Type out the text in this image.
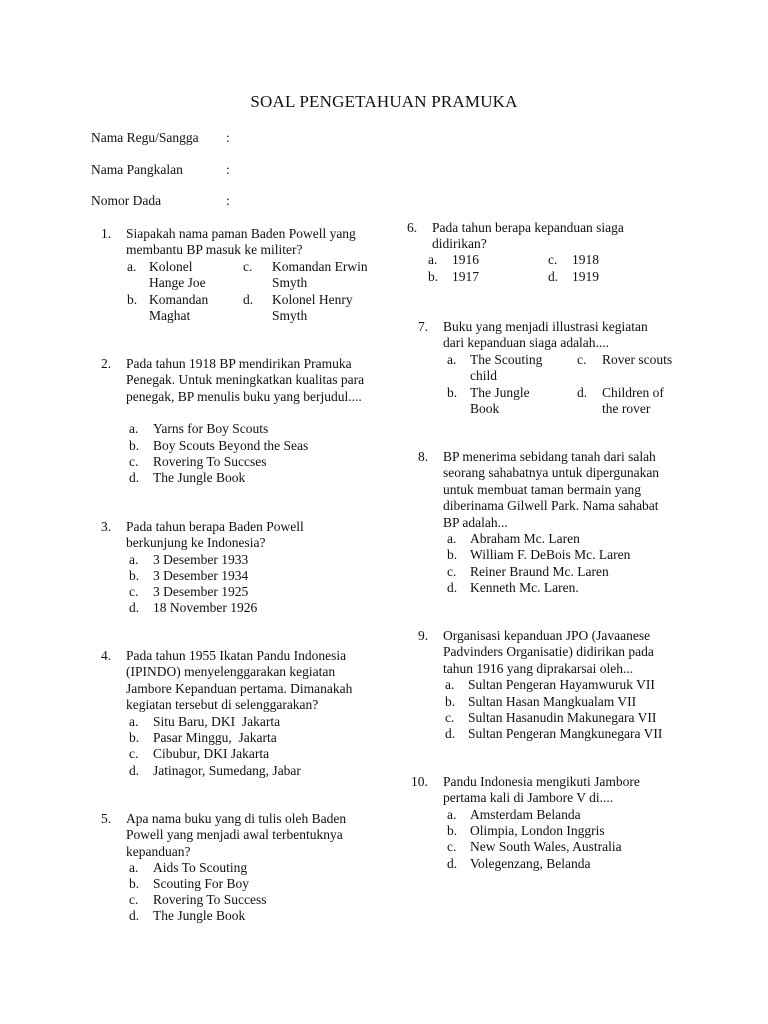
SOAL PENGETAHUAN PRAMUKA
Nama Regu/Sangga :
Nama Pangkalan	:
Nomor Dada	:
1. Siapakah nama paman Baden Powell yang membantu BP masuk ke militer?
a. Kolonel Hange Joe
b. Komandan Maghat
c. Komandan Erwin Smyth
d. Kolonel Henry Smyth
2. Pada tahun 1918 BP mendirikan Pramuka Penegak. Untuk meningkatkan kualitas para penegak, BP menulis buku yang berjudul....
a. Yarns for Boy Scouts
b. Boy Scouts Beyond the Seas
c. Rovering To Succses
d. The Jungle Book
3. Pada tahun berapa Baden Powell berkunjung ke Indonesia?
a. 3 Desember 1933
b. 3 Desember 1934
c. 3 Desember 1925
d. 18 November 1926
4. Pada tahun 1955 Ikatan Pandu Indonesia (IPINDO) menyelenggarakan kegiatan Jambore Kepanduan pertama. Dimanakah kegiatan tersebut di selenggarakan?
a. Situ Baru, DKI  Jakarta
b. Pasar Minggu,  Jakarta
c. Cibubur, DKI Jakarta
d. Jatinagor, Sumedang, Jabar
5. Apa nama buku yang di tulis oleh Baden Powell yang menjadi awal terbentuknya kepanduan?
a. Aids To Scouting
b. Scouting For Boy
c. Rovering To Success
d. The Jungle Book
6. Pada tahun berapa kepanduan siaga didirikan?
a. 1916
b. 1917
c. 1918
d. 1919
7. Buku yang menjadi illustrasi kegiatan dari kepanduan siaga adalah....
a. The Scouting child
b. The Jungle Book
c. Rover scouts
d. Children of the rover
8. BP menerima sebidang tanah dari salah seorang sahabatnya untuk dipergunakan untuk membuat taman bermain yang diberinama Gilwell Park. Nama sahabat BP adalah...
a. Abraham Mc. Laren
b. William F. DeBois Mc. Laren
c. Reiner Braund Mc. Laren
d. Kenneth Mc. Laren.
9. Organisasi kepanduan JPO (Javaanese Padvinders Organisatie) didirikan pada tahun 1916 yang diprakarsai oleh...
a. Sultan Pengeran Hayamwuruk VII
b. Sultan Hasan Mangkualam VII
c. Sultan Hasanudin Makunegara VII
d. Sultan Pengeran Mangkunegara VII
10. Pandu Indonesia mengikuti Jambore pertama kali di Jambore V di....
a. Amsterdam Belanda
b. Olimpia, London Inggris
c. New South Wales, Australia
d. Volegenzang, Belanda
